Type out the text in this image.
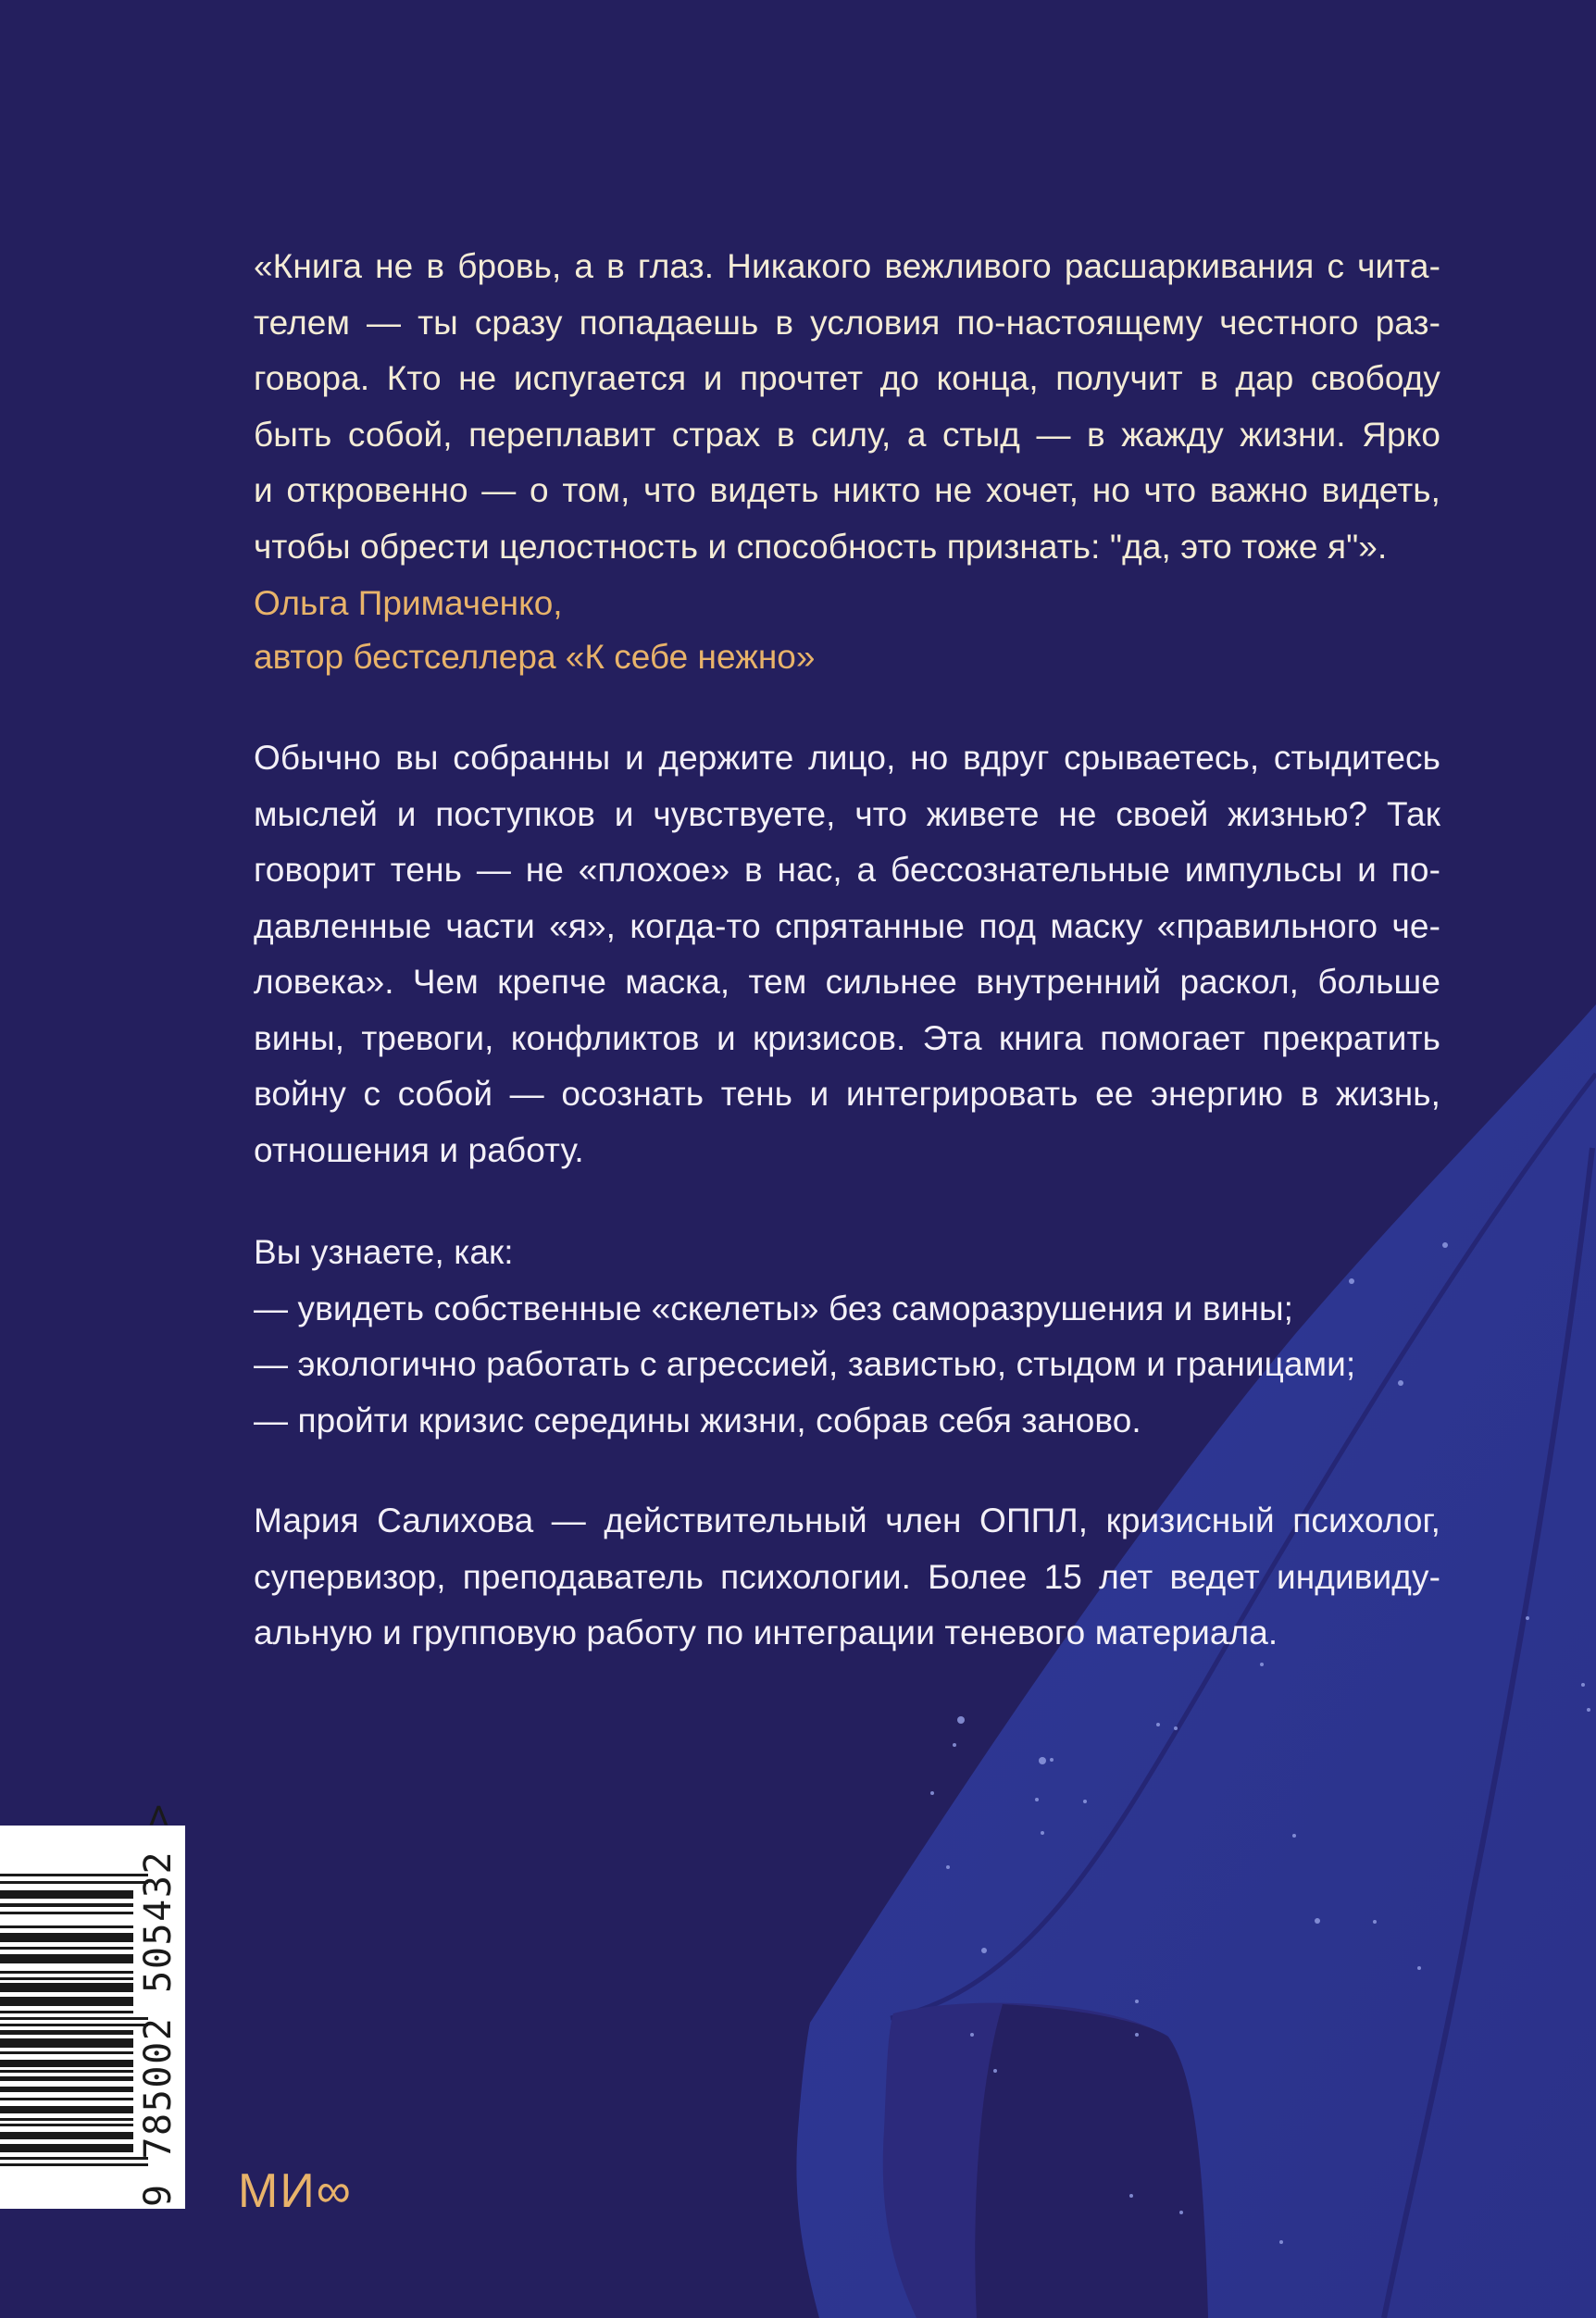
«Книга не в бровь, а в глаз. Никакого вежливого расшаркивания с чита-
телем — ты сразу попадаешь в условия по-настоящему честного раз-
говора. Кто не испугается и прочтет до конца, получит в дар свободу
быть собой, переплавит страх в силу, а стыд — в жажду жизни. Ярко
и откровенно — о том, что видеть никто не хочет, но что важно видеть,
чтобы обрести целостность и способность признать: "да, это тоже я"».
Ольга Примаченко,
автор бестселлера «К себе нежно»
Обычно вы собранны и держите лицо, но вдруг срываетесь, стыдитесь
мыслей и поступков и чувствуете, что живете не своей жизнью? Так
говорит тень — не «плохое» в нас, а бессознательные импульсы и по-
давленные части «я», когда-то спрятанные под маску «правильного че-
ловека». Чем крепче маска, тем сильнее внутренний раскол, больше
вины, тревоги, конфликтов и кризисов. Эта книга помогает прекратить
войну с собой — осознать тень и интегрировать ее энергию в жизнь,
отношения и работу.
Вы узнаете, как:
— увидеть собственные «скелеты» без саморазрушения и вины;
— экологично работать с агрессией, завистью, стыдом и границами;
— пройти кризис середины жизни, собрав себя заново.
Мария Салихова — действительный член ОППЛ, кризисный психолог,
супервизор, преподаватель психологии. Более 15 лет ведет индивиду-
альную и групповую работу по интеграции теневого материала.
9 785002 505432 > МИ∞
